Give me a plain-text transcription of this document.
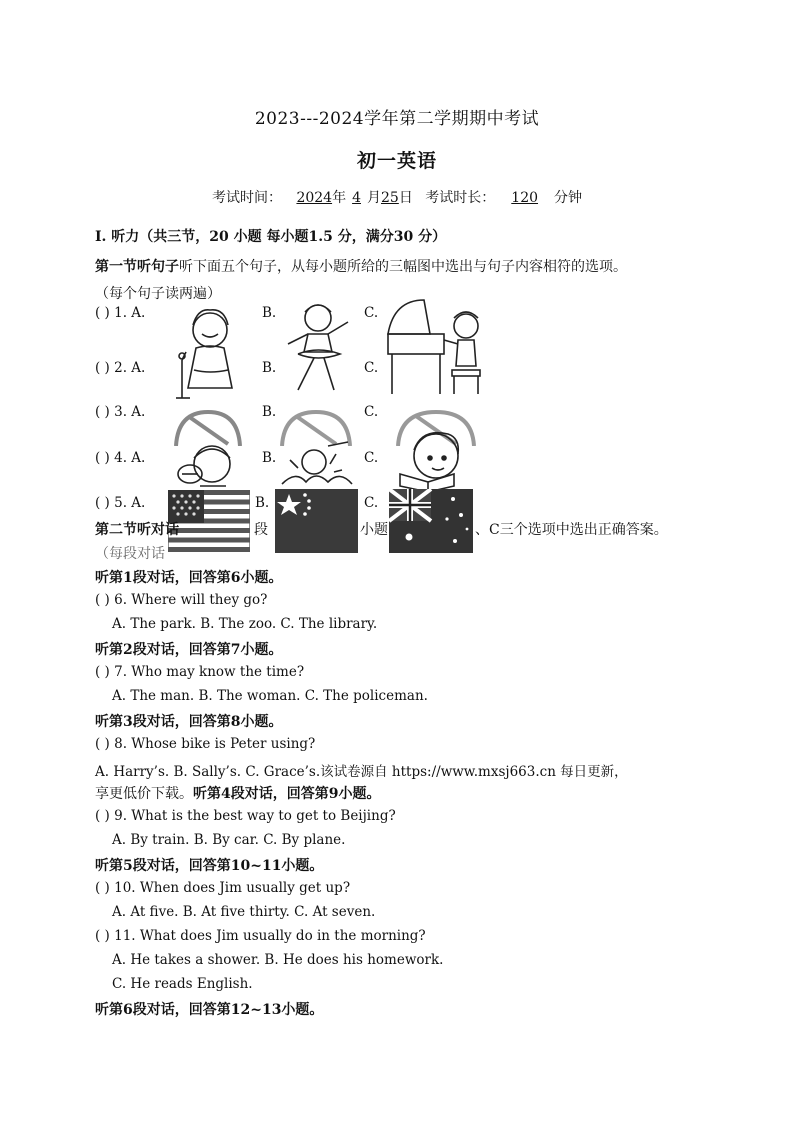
2023---2024学年第二学期期中考试
初一英语
考试时间： 2024年 4 月25日 考试时长： 120 分钟
I. 听力（共三节，20 小题 每小题1.5 分，满分30 分）
第一节听句子听下面五个句子，从每小题所给的三幅图中选出与句子内容相符的选项。
（每个句子读两遍）
( ) 1. A.	B.	C.
( ) 2. A.	B.	C.
( ) 3. A.	B.	C.
( ) 4. A.	B.	C.
( ) 5. A.	B.	C.
第二节听对话	段	小题	、C三个选项中选出正确答案。
（每段对话
听第1段对话，回答第6小题。
( ) 6. Where will they go?
A. The park. B. The zoo. C. The library.
听第2段对话，回答第7小题。
( ) 7. Who may know the time?
A. The man. B. The woman. C. The policeman.
听第3段对话，回答第8小题。
( ) 8. Whose bike is Peter using?
A. Harry’s. B. Sally’s. C. Grace’s.该试卷源自 https://www.mxsj663.cn 每日更新，
享更低价下载。听第4段对话，回答第9小题。
( ) 9. What is the best way to get to Beijing?
A. By train. B. By car. C. By plane.
听第5段对话，回答第10~11小题。
( ) 10. When does Jim usually get up?
A. At five. B. At five thirty. C. At seven.
( ) 11. What does Jim usually do in the morning?
A. He takes a shower. B. He does his homework.
C. He reads English.
听第6段对话，回答第12~13小题。
